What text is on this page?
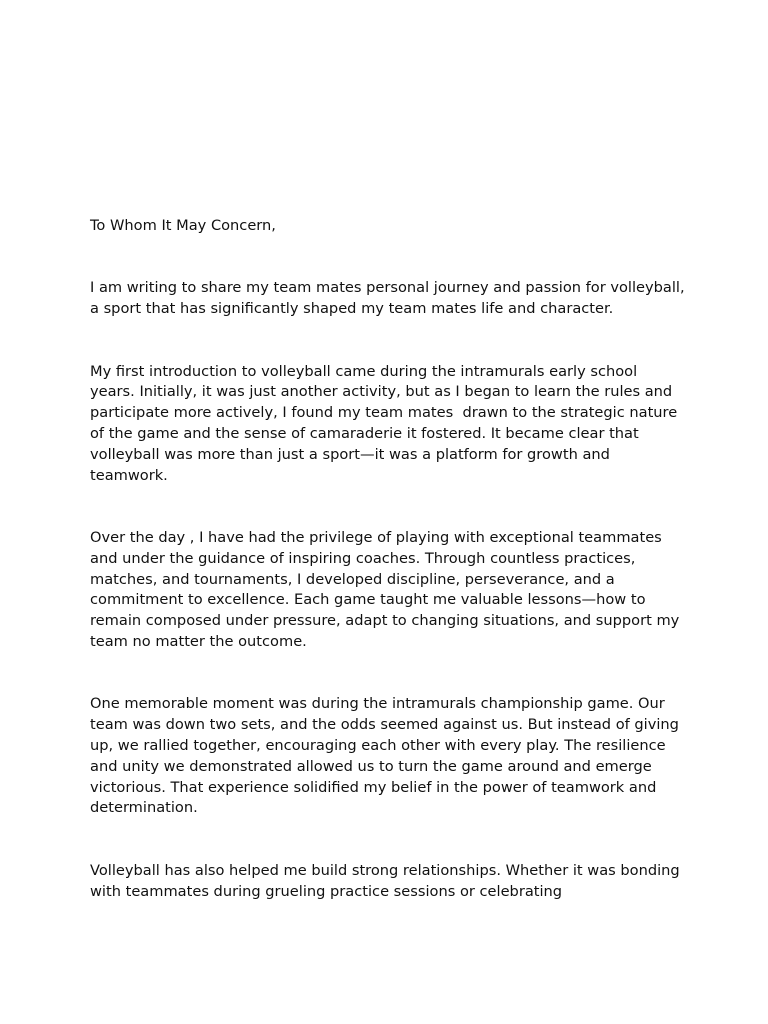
To Whom It May Concern,

I am writing to share my team mates personal journey and passion for volleyball, a sport that has significantly shaped my team mates life and character.

My first introduction to volleyball came during the intramurals early school years. Initially, it was just another activity, but as I began to learn the rules and participate more actively, I found my team mates  drawn to the strategic nature of the game and the sense of camaraderie it fostered. It became clear that volleyball was more than just a sport—it was a platform for growth and teamwork.

Over the day , I have had the privilege of playing with exceptional teammates and under the guidance of inspiring coaches. Through countless practices, matches, and tournaments, I developed discipline, perseverance, and a commitment to excellence. Each game taught me valuable lessons—how to remain composed under pressure, adapt to changing situations, and support my team no matter the outcome.

One memorable moment was during the intramurals championship game. Our team was down two sets, and the odds seemed against us. But instead of giving up, we rallied together, encouraging each other with every play. The resilience and unity we demonstrated allowed us to turn the game around and emerge victorious. That experience solidified my belief in the power of teamwork and determination.

Volleyball has also helped me build strong relationships. Whether it was bonding with teammates during grueling practice sessions or celebrating
